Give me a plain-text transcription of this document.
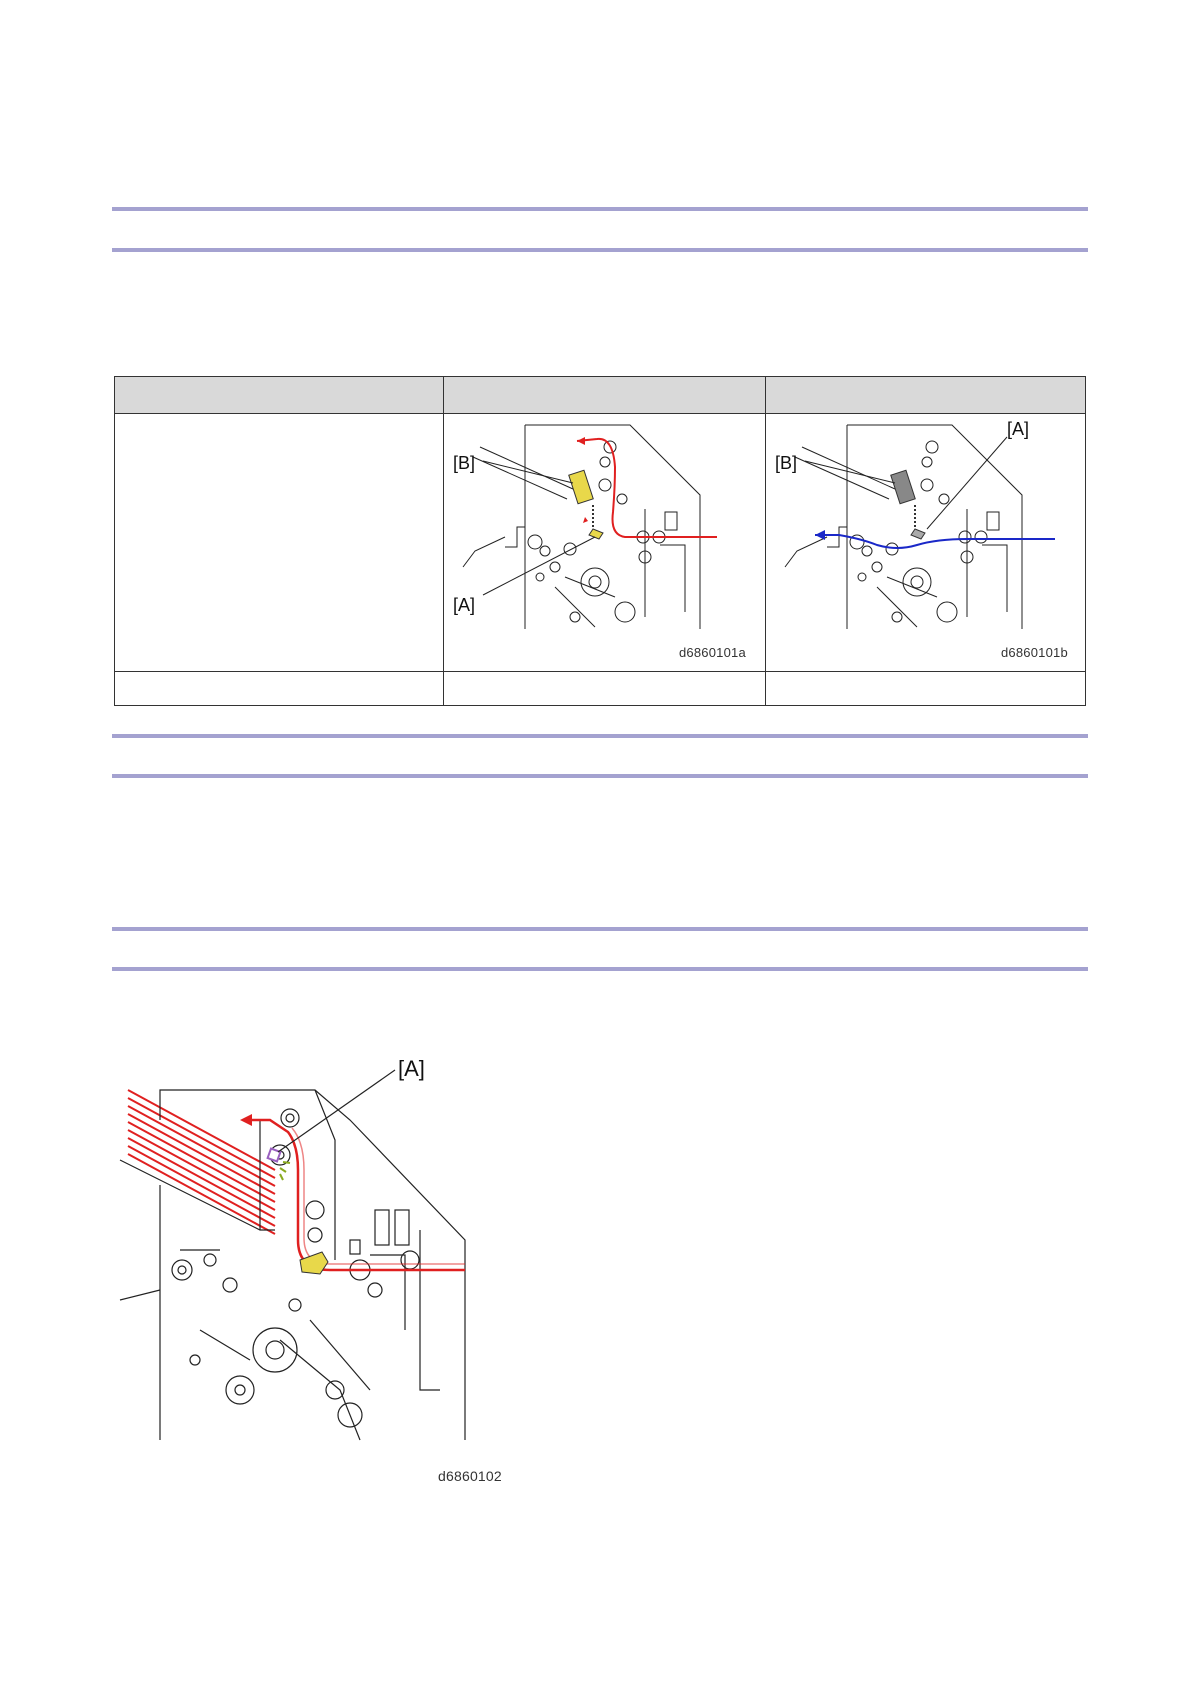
[B]
[A]
d6860101a
[B]
[A]
d6860101b
[A]
d6860102
